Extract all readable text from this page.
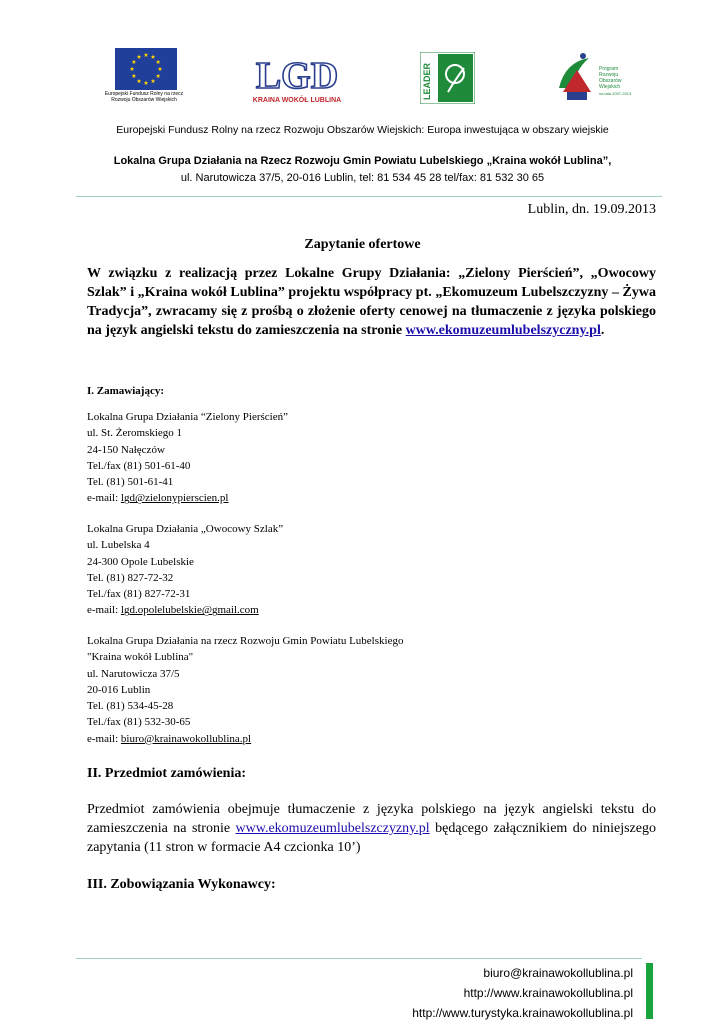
Europejski Fundusz Rolny na rzecz
Rozwoju Obszarów Wiejskich
LGD
KRAINA WOKÓŁ LUBLINA
LEADER	Program
Rozwoju
Obszarów
Wiejskich
na lata 2007-2013
Europejski Fundusz Rolny na rzecz Rozwoju Obszarów Wiejskich: Europa inwestująca w obszary wiejskie
Lokalna Grupa Działania na Rzecz Rozwoju Gmin Powiatu Lubelskiego „Kraina wokół Lublina”,
ul. Narutowicza 37/5, 20-016 Lublin, tel: 81 534 45 28 tel/fax: 81 532 30 65
Lublin, dn. 19.09.2013
Zapytanie ofertowe
W związku z realizacją przez Lokalne Grupy Działania: „Zielony Pierścień”, „Owocowy Szlak” i „Kraina wokół Lublina” projektu współpracy pt. „Ekomuzeum Lubelszczyzny – Żywa Tradycja”, zwracamy się z prośbą o złożenie oferty cenowej na tłumaczenie z języka polskiego na język angielski tekstu do zamieszczenia na stronie www.ekomuzeumlubelszyczny.pl.
I. Zamawiający:
Lokalna Grupa Działania “Zielony Pierścień”
ul. St. Żeromskiego 1
24-150 Nałęczów
Tel./fax (81) 501-61-40
Tel. (81) 501-61-41
e-mail: lgd@zielonypierscien.pl
Lokalna Grupa Działania „Owocowy Szlak”
ul. Lubelska 4
24-300 Opole Lubelskie
Tel. (81) 827-72-32
Tel./fax (81) 827-72-31
e-mail: lgd.opolelubelskie@gmail.com
Lokalna Grupa Działania na rzecz Rozwoju Gmin Powiatu Lubelskiego
"Kraina wokół Lublina"
ul. Narutowicza 37/5
20-016 Lublin
Tel. (81) 534-45-28
Tel./fax (81) 532-30-65
e-mail: biuro@krainawokollublina.pl
II. Przedmiot zamówienia:
Przedmiot zamówienia obejmuje tłumaczenie z języka polskiego na język angielski tekstu do zamieszczenia na stronie www.ekomuzeumlubelszczyzny.pl będącego załącznikiem do niniejszego zapytania (11 stron w formacie A4 czcionka 10’)
III. Zobowiązania Wykonawcy:
biuro@krainawokollublina.pl
http://www.krainawokollublina.pl
http://www.turystyka.krainawokollublina.pl
